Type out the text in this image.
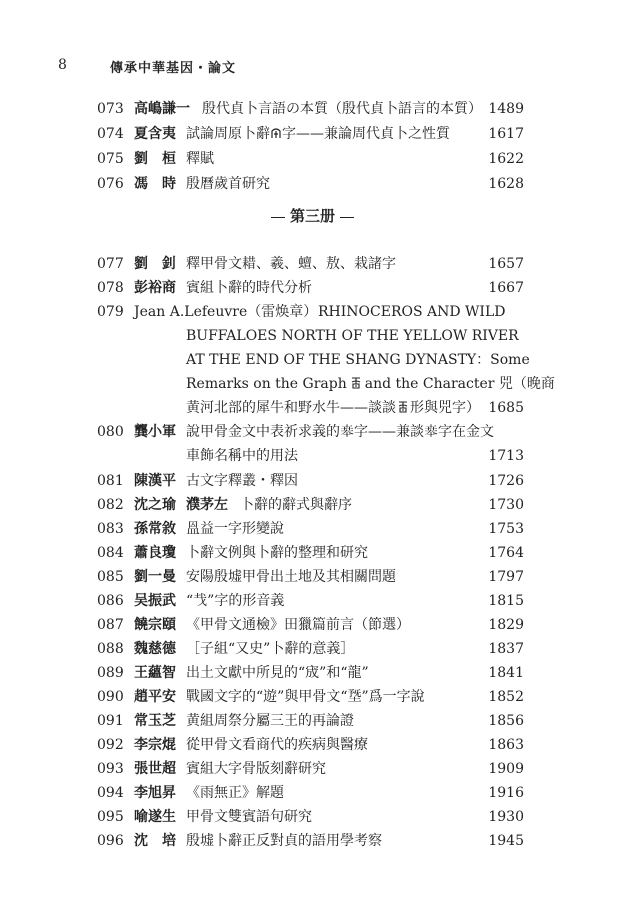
8	傳承中華基因・論文
073 高嶋謙一 殷代貞卜言語の本質（殷代貞卜語言的本質） 1489
074 夏含夷 試論周原卜辭 字——兼論周代貞卜之性質	1617
075 劉　桓 釋賦	1622
076 馮　時 殷曆歲首研究	1628
第三册
077 劉　釗 釋甲骨文耤、羲、蟺、敖、栽諸字	1657
078 彭裕商 賓組卜辭的時代分析	1667
079 Jean A.Lefeuvre（雷焕章） RHINOCEROS AND WILD
BUFFALOES NORTH OF THE YELLOW RIVER
AT THE END OF THE SHANG DYNASTY：Some
Remarks on the Graph and the Character 兕（晚商
黄河北部的犀牛和野水牛——談談 形與兕字） 1685
080 龔小軍 說甲骨金文中表祈求義的𠦪字——兼談𠦪字在金文
車飾名稱中的用法	1713
081 陳漢平 古文字釋叢・釋因	1726
082 沈之瑜 濮茅左 卜辭的辭式與辭序	1730
083 孫常敘 𥁕益一字形變說	1753
084 蕭良瓊 卜辭文例與卜辭的整理和研究	1764
085 劉一曼 安陽殷墟甲骨出土地及其相關問題	1797
086 吴振武 “𢦏”字的形音義	1815
087 饒宗頤 《甲骨文通檢》田獵篇前言（節選）	1829
088 魏慈德 ［子組“又史”卜辭的意義］	1837
089 王蘊智 出土文獻中所見的“宬”和“龍”	1841
090 趙平安 戰國文字的“遊”與甲骨文“𡍳”爲一字說	1852
091 常玉芝 黄組周祭分屬三王的再論證	1856
092 李宗焜 從甲骨文看商代的疾病與醫療	1863
093 張世超 賓組大字骨版刻辭研究	1909
094 李旭昇 《雨無正》解題	1916
095 喻遂生 甲骨文雙賓語句研究	1930
096 沈　培 殷墟卜辭正反對貞的語用學考察	1945
